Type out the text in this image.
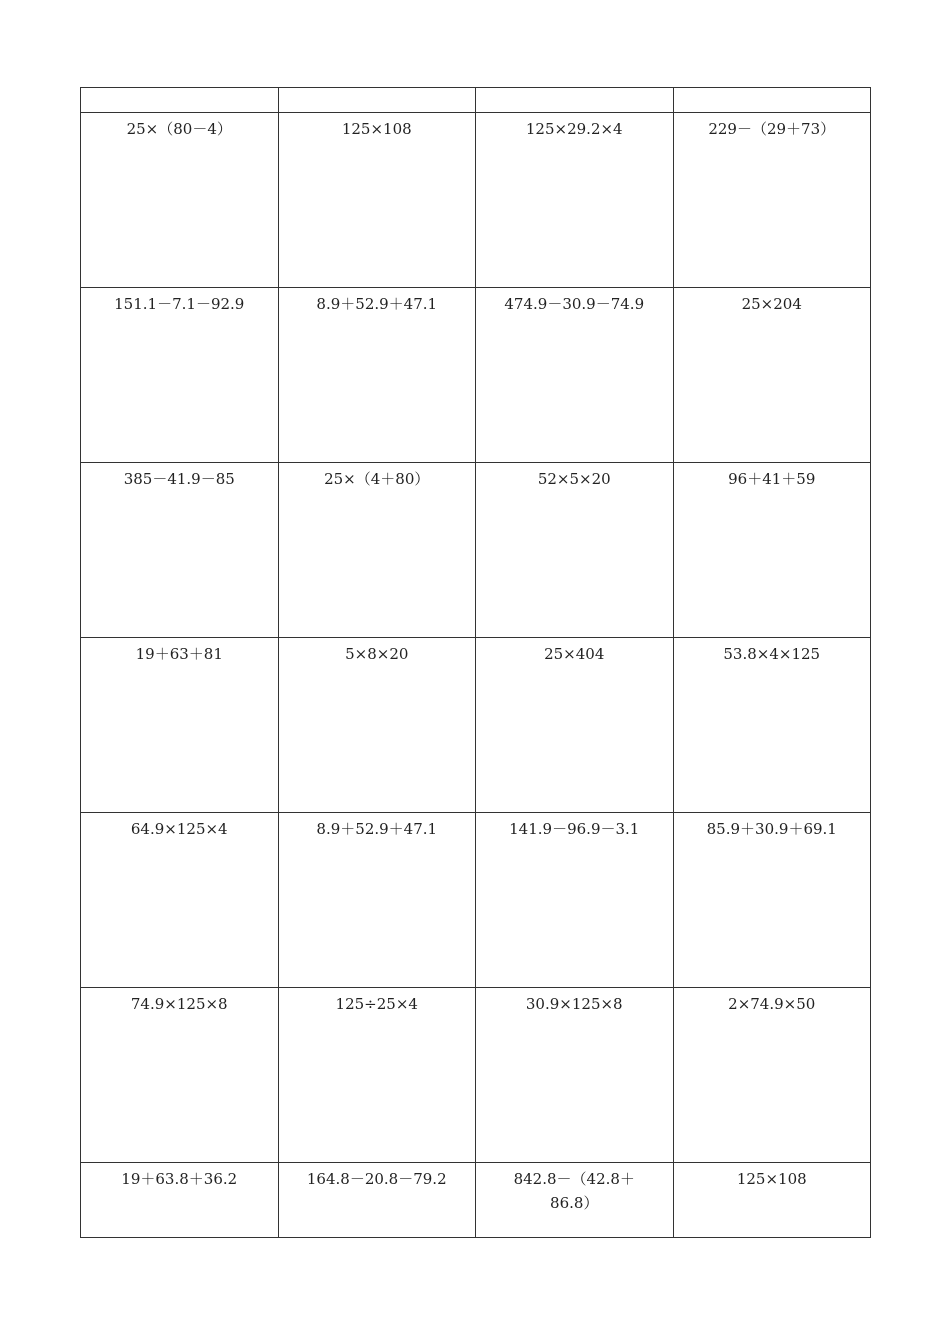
25×（80－4）	125×108	125×29.2×4	229－（29＋73）

151.1－7.1－92.9	8.9＋52.9＋47.1	474.9－30.9－74.9	25×204

385－41.9－85	25×（4＋80）	52×5×20	96＋41＋59

19＋63＋81	5×8×20	25×404	53.8×4×125

64.9×125×4	8.9＋52.9＋47.1	141.9－96.9－3.1	85.9＋30.9＋69.1

74.9×125×8	125÷25×4	30.9×125×8	2×74.9×50

19＋63.8＋36.2	164.8－20.8－79.2	842.8－（42.8＋86.8）	125×108
